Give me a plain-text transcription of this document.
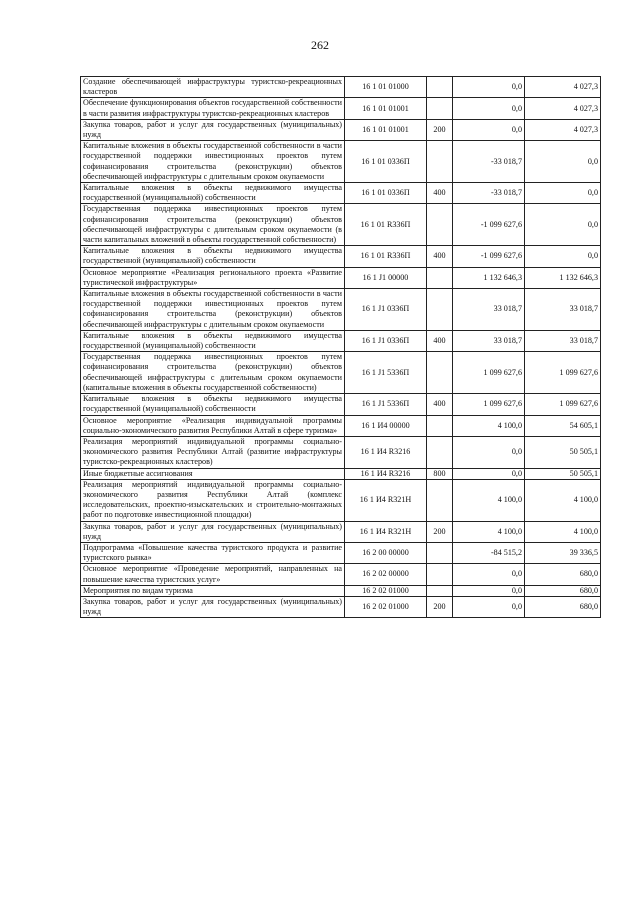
262
Создание обеспечивающей инфраструктуры туристско-рекреационных кластеров	16 1 01 01000		0,0	4 027,3
Обеспечение функционирования объектов государственной собственности в части развития инфраструктуры туристско-рекреационных кластеров	16 1 01 01001		0,0	4 027,3
Закупка товаров, работ и услуг для государственных (муниципальных) нужд	16 1 01 01001	200	0,0	4 027,3
Капитальные вложения в объекты государственной собственности в части государственной поддержки инвестиционных проектов путем софинансирования строительства (реконструкции) объектов обеспечивающей инфраструктуры с длительным сроком окупаемости	16 1 01 0336П		-33 018,7	0,0
Капитальные вложения в объекты недвижимого имущества государственной (муниципальной) собственности	16 1 01 0336П	400	-33 018,7	0,0
Государственная поддержка инвестиционных проектов путем софинансирования строительства (реконструкции) объектов обеспечивающей инфраструктуры с длительным сроком окупаемости (в части капитальных вложений в объекты государственной собственности)	16 1 01 R336П		-1 099 627,6	0,0
Капитальные вложения в объекты недвижимого имущества государственной (муниципальной) собственности	16 1 01 R336П	400	-1 099 627,6	0,0
Основное мероприятие «Реализация регионального проекта «Развитие туристической инфраструктуры»	16 1 J1 00000		1 132 646,3	1 132 646,3
Капитальные вложения в объекты государственной собственности в части государственной поддержки инвестиционных проектов путем софинансирования строительства (реконструкции) объектов обеспечивающей инфраструктуры с длительным сроком окупаемости	16 1 J1 0336П		33 018,7	33 018,7
Капитальные вложения в объекты недвижимого имущества государственной (муниципальной) собственности	16 1 J1 0336П	400	33 018,7	33 018,7
Государственная поддержка инвестиционных проектов путем софинансирования строительства (реконструкции) объектов обеспечивающей инфраструктуры с длительным сроком окупаемости (капитальные вложения в объекты государственной собственности)	16 1 J1 5336П		1 099 627,6	1 099 627,6
Капитальные вложения в объекты недвижимого имущества государственной (муниципальной) собственности	16 1 J1 5336П	400	1 099 627,6	1 099 627,6
Основное мероприятие «Реализация индивидуальной программы социально-экономического развития Республики Алтай в сфере туризма»	16 1 И4 00000		4 100,0	54 605,1
Реализация мероприятий индивидуальной программы социально-экономического развития Республики Алтай (развитие инфраструктуры туристско-рекреационных кластеров)	16 1 И4 R3216		0,0	50 505,1
Иные бюджетные ассигнования	16 1 И4 R3216	800	0,0	50 505,1
Реализация мероприятий индивидуальной программы социально-экономического развития Республики Алтай (комплекс исследовательских, проектно-изыскательских и строительно-монтажных работ по подготовке инвестиционной площадки)	16 1 И4 R321Н		4 100,0	4 100,0
Закупка товаров, работ и услуг для государственных (муниципальных) нужд	16 1 И4 R321Н	200	4 100,0	4 100,0
Подпрограмма «Повышение качества туристского продукта и развитие туристского рынка»	16 2 00 00000		-84 515,2	39 336,5
Основное мероприятие «Проведение мероприятий, направленных на повышение качества туристских услуг»	16 2 02 00000		0,0	680,0
Мероприятия по видам туризма	16 2 02 01000		0,0	680,0
Закупка товаров, работ и услуг для государственных (муниципальных) нужд	16 2 02 01000	200	0,0	680,0
